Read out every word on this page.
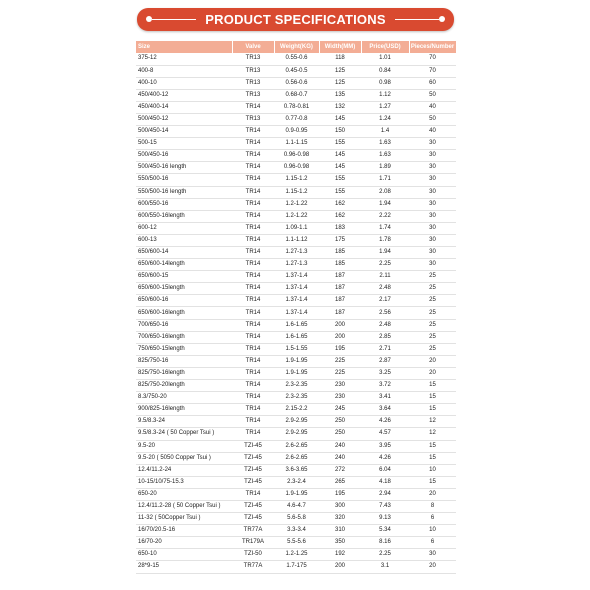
PRODUCT SPECIFICATIONS
Size	Valve	Weight(KG)	Width(MM)	Price(USD)	Pieces/Number
375-12	TR13	0.55-0.6	118	1.01	70
400-8	TR13	0.45-0.5	125	0.84	70
400-10	TR13	0.56-0.6	125	0.98	60
450/400-12	TR13	0.68-0.7	135	1.12	50
450/400-14	TR14	0.78-0.81	132	1.27	40
500/450-12	TR13	0.77-0.8	145	1.24	50
500/450-14	TR14	0.9-0.95	150	1.4	40
500-15	TR14	1.1-1.15	155	1.63	30
500/450-16	TR14	0.96-0.98	145	1.63	30
500/450-16 length	TR14	0.96-0.98	145	1.89	30
550/500-16	TR14	1.15-1.2	155	1.71	30
550/500-16 length	TR14	1.15-1.2	155	2.08	30
600/550-16	TR14	1.2-1.22	162	1.94	30
600/550-16length	TR14	1.2-1.22	162	2.22	30
600-12	TR14	1.09-1.1	183	1.74	30
600-13	TR14	1.1-1.12	175	1.78	30
650/600-14	TR14	1.27-1.3	185	1.94	30
650/600-14length	TR14	1.27-1.3	185	2.25	30
650/600-15	TR14	1.37-1.4	187	2.11	25
650/600-15length	TR14	1.37-1.4	187	2.48	25
650/600-16	TR14	1.37-1.4	187	2.17	25
650/600-16length	TR14	1.37-1.4	187	2.56	25
700/650-16	TR14	1.6-1.65	200	2.48	25
700/650-16length	TR14	1.6-1.65	200	2.85	25
750/650-15length	TR14	1.5-1.55	195	2.71	25
825/750-16	TR14	1.9-1.95	225	2.87	20
825/750-16length	TR14	1.9-1.95	225	3.25	20
825/750-20length	TR14	2.3-2.35	230	3.72	15
8.3/750-20	TR14	2.3-2.35	230	3.41	15
900/825-16length	TR14	2.15-2.2	245	3.64	15
9.5/8.3-24	TR14	2.9-2.95	250	4.26	12
9.5/8.3-24 ( 50 Copper Tsui )	TR14	2.9-2.95	250	4.57	12
9.5-20	TZI-45	2.6-2.65	240	3.95	15
9.5-20 ( 5050 Copper Tsui )	TZI-45	2.6-2.65	240	4.26	15
12.4/11.2-24	TZI-45	3.6-3.65	272	6.04	10
10-15/10/75-15.3	TZI-45	2.3-2.4	265	4.18	15
650-20	TR14	1.9-1.95	195	2.94	20
12.4/11.2-28 ( 50 Copper Tsui )	TZI-45	4.6-4.7	300	7.43	8
11-32 ( 50Copper Tsui )	TZI-45	5.6-5.8	320	9.13	6
16/70/20.5-16	TR77A	3.3-3.4	310	5.34	10
16/70-20	TR179A	5.5-5.6	350	8.16	6
650-10	TZI-50	1.2-1.25	192	2.25	30
28*9-15	TR77A	1.7-175	200	3.1	20
